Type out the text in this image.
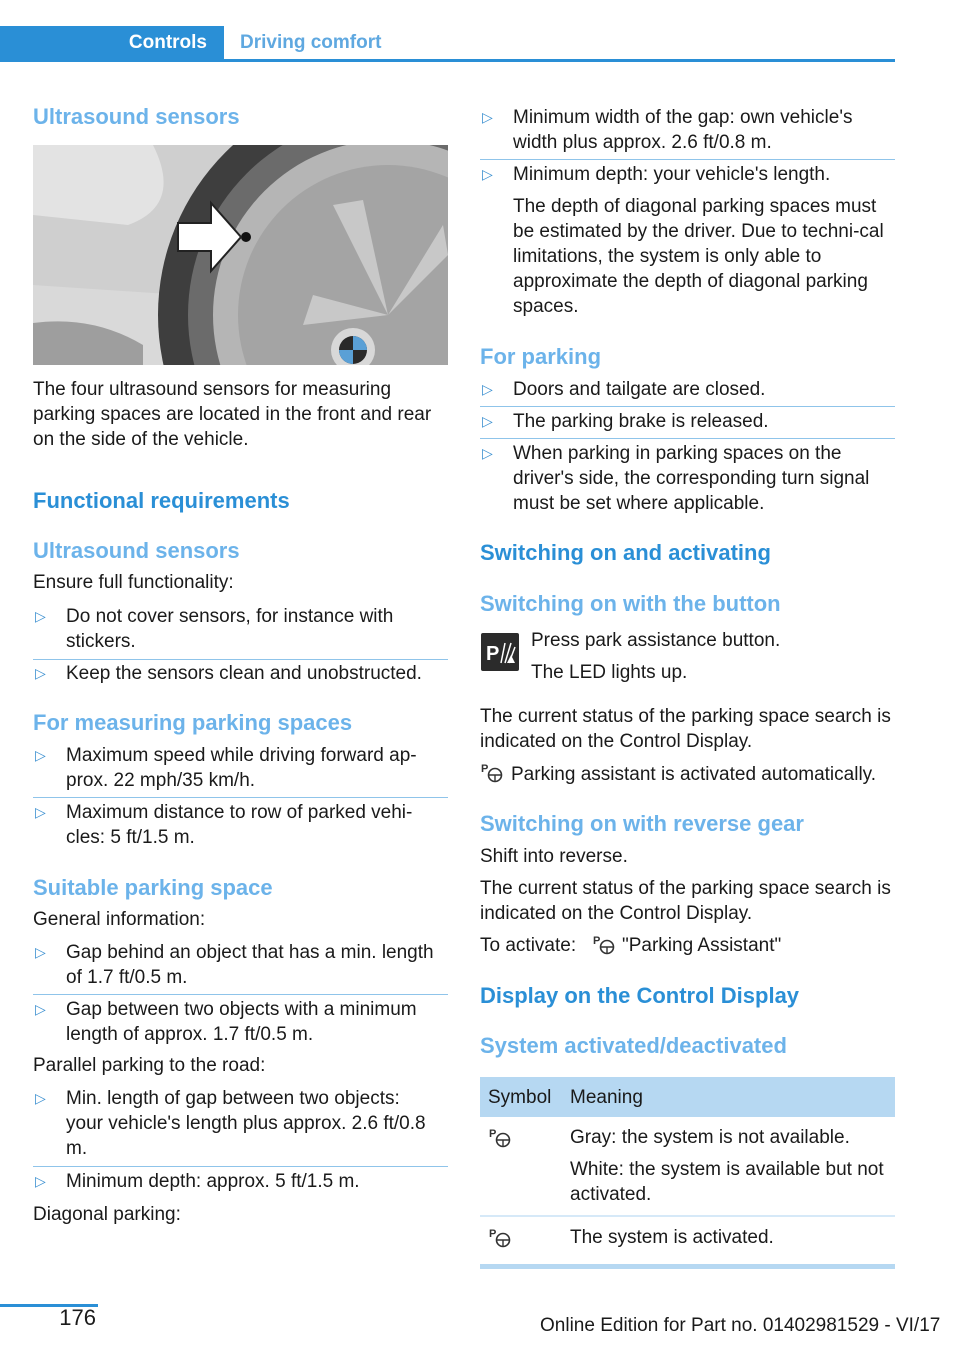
Controls	Driving comfort
Ultrasound sensors
The four ultrasound sensors for measuring parking spaces are located in the front and rear on the side of the vehicle.
Functional requirements
Ultrasound sensors
Ensure full functionality:
▷ Do not cover sensors, for instance with stickers.
▷ Keep the sensors clean and unobstructed.
For measuring parking spaces
▷ Maximum speed while driving forward ap‐prox. 22 mph/35 km/h.
▷ Maximum distance to row of parked vehi‐cles: 5 ft/1.5 m.
Suitable parking space
General information:
▷ Gap behind an object that has a min. length of 1.7 ft/0.5 m.
▷ Gap between two objects with a minimum length of approx. 1.7 ft/0.5 m.
Parallel parking to the road:
▷ Min. length of gap between two objects: your vehicle's length plus approx. 2.6 ft/0.8 m.
▷ Minimum depth: approx. 5 ft/1.5 m.
Diagonal parking:
▷ Minimum width of the gap: own vehicle's width plus approx. 2.6 ft/0.8 m.
▷ Minimum depth: your vehicle's length.
The depth of diagonal parking spaces must be estimated by the driver. Due to techni‐cal limitations, the system is only able to approximate the depth of diagonal parking spaces.
For parking
▷ Doors and tailgate are closed.
▷ The parking brake is released.
▷ When parking in parking spaces on the driver's side, the corresponding turn signal must be set where applicable.
Switching on and activating
Switching on with the button
P
Press park assistance button.
The LED lights up.
The current status of the parking space search is indicated on the Control Display.
P Parking assistant is activated automatically.
Switching on with reverse gear
Shift into reverse.
The current status of the parking space search is indicated on the Control Display.
To activate: P "Parking Assistant"
Display on the Control Display
System activated/deactivated
Symbol	Meaning

P	Gray: the system is not available.
White: the system is available but not activated.

P	The system is activated.
176	Online Edition for Part no. 01402981529 - VI/17
